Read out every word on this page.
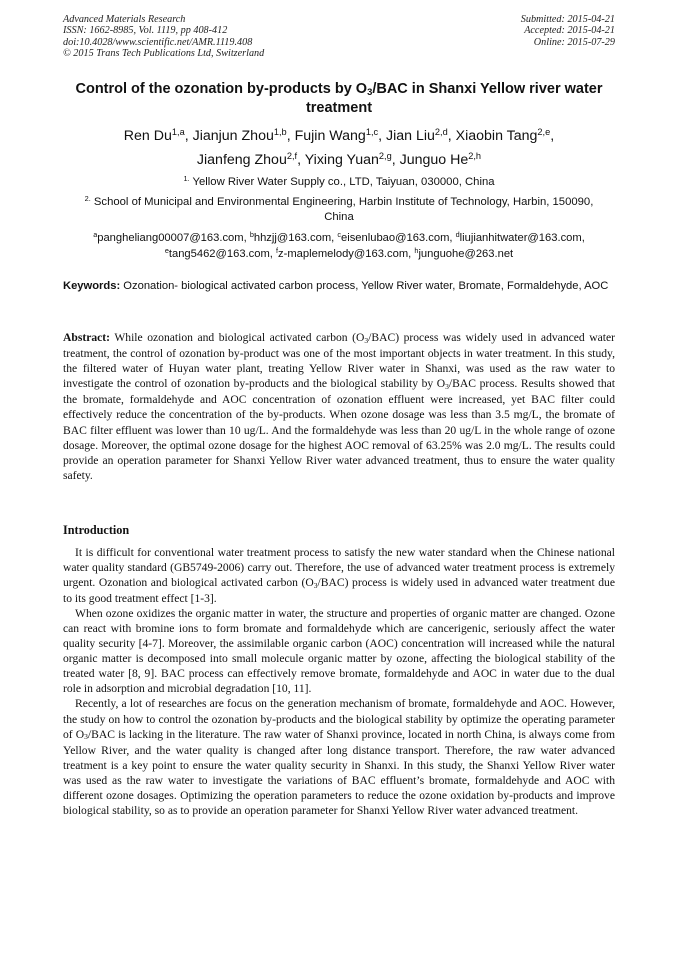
Advanced Materials Research
ISSN: 1662-8985, Vol. 1119, pp 408-412
doi:10.4028/www.scientific.net/AMR.1119.408
© 2015 Trans Tech Publications Ltd, Switzerland
Submitted: 2015-04-21
Accepted: 2015-04-21
Online: 2015-07-29
Control of the ozonation by-products by $O_3$/BAC in Shanxi Yellow river water treatment
Ren Du$^{1,a}$, Jianjun Zhou$^{1,b}$, Fujin Wang$^{1,c}$, Jian Liu$^{2,d}$, Xiaobin Tang$^{2,e}$,
Jianfeng Zhou$^{2,f}$, Yixing Yuan$^{2,g}$, Junguo He$^{2,h}$
$^{1.}$ Yellow River Water Supply co., LTD, Taiyuan, 030000, China
$^{2.}$ School of Municipal and Environmental Engineering, Harbin Institute of Technology, Harbin, 150090, China
$^a$pangheliang00007@163.com, $^b$hhzjj@163.com, $^c$eisenlubao@163.com, $^d$liujianhitwater@163.com,
$^e$tang5462@163.com, $^f$z-maplemelody@163.com, $^h$junguohe@263.net
Keywords: Ozonation- biological activated carbon process, Yellow River water, Bromate, Formaldehyde, AOC
Abstract: While ozonation and biological activated carbon $(O_3/BAC)$ process was widely used in advanced water treatment, the control of ozonation by-product was one of the most important objects in water treatment. In this study, the filtered water of Huyan water plant, treating Yellow River water in Shanxi, was used as the raw water to investigate the control of ozonation by-products and the biological stability by $O_3$/BAC process. Results showed that the bromate, formaldehyde and AOC concentration of ozonation effluent were increased, yet BAC filter could effectively reduce the concentration of the by-products. When ozone dosage was less than 3.5 mg/L, the bromate of BAC filter effluent was lower than 10 ug/L. And the formaldehyde was less than 20 ug/L in the whole range of ozone dosage. Moreover, the optimal ozone dosage for the highest AOC removal of 63.25% was 2.0 mg/L. The results could provide an operation parameter for Shanxi Yellow River water advanced treatment, thus to ensure the water quality safety.
Introduction

It is difficult for conventional water treatment process to satisfy the new water standard when the Chinese national water quality standard (GB5749-2006) carry out. Therefore, the use of advanced water treatment process is extremely urgent. Ozonation and biological activated carbon $(O_3/BAC)$ process is widely used in advanced water treatment due to its good treatment effect [1-3].

When ozone oxidizes the organic matter in water, the structure and properties of organic matter are changed. Ozone can react with bromine ions to form bromate and formaldehyde which are cancerigenic, seriously affect the water quality security [4-7]. Moreover, the assimilable organic carbon (AOC) concentration will increased while the natural organic matter is decomposed into small molecule organic matter by ozone, affecting the biological stability of the treated water [8, 9]. BAC process can effectively remove bromate, formaldehyde and AOC in water due to the dual role in adsorption and microbial degradation [10, 11].

Recently, a lot of researches are focus on the generation mechanism of bromate, formaldehyde and AOC. However, the study on how to control the ozonation by-products and the biological stability by optimize the operating parameter of $O_3$/BAC is lacking in the literature. The raw water of Shanxi province, located in north China, is always come from Yellow River, and the water quality is changed after long distance transport. Therefore, the raw water advanced treatment is a key point to ensure the water quality security in Shanxi. In this study, the Shanxi Yellow River water was used as the raw water to investigate the variations of BAC effluent’s bromate, formaldehyde and AOC with different ozone dosages. Optimizing the operation parameters to reduce the ozone oxidation by-products and improve biological stability, so as to provide an operation parameter for Shanxi Yellow River water advanced treatment.
